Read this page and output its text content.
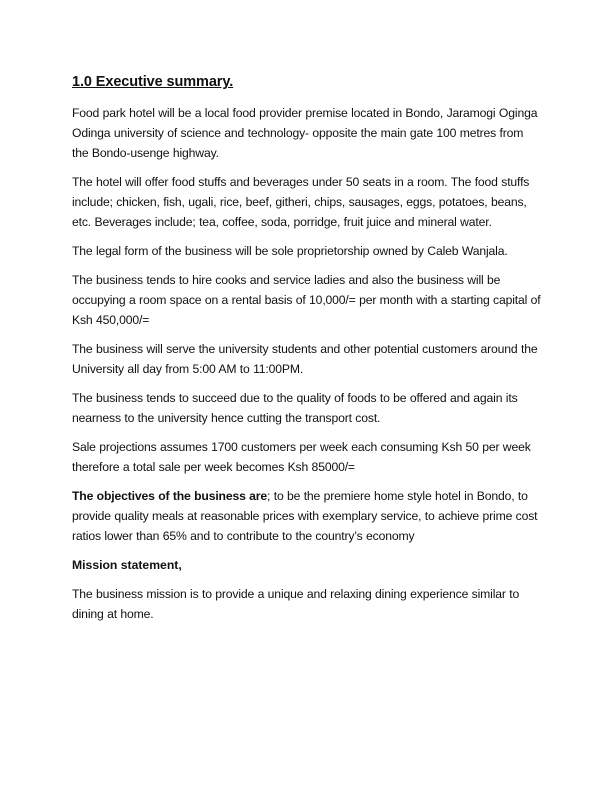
1.0 Executive summary.

Food park hotel will be a local food provider premise located in Bondo, Jaramogi Oginga Odinga university of science and technology- opposite the main gate 100 metres from the Bondo-usenge highway.

The hotel will offer food stuffs and beverages under 50 seats in a room. The food stuffs include; chicken, fish, ugali, rice, beef, githeri, chips, sausages, eggs, potatoes, beans, etc. Beverages include; tea, coffee, soda, porridge, fruit juice and mineral water.

The legal form of the business will be sole proprietorship owned by Caleb Wanjala.

The business tends to hire cooks and service ladies and also the business will be occupying a room space on a rental basis of 10,000/= per month with a starting capital of Ksh 450,000/=

The business will serve the university students and other potential customers around the University all day from 5:00 AM to 11:00PM.

The business tends to succeed due to the quality of foods to be offered and again its nearness to the university hence cutting the transport cost.

Sale projections assumes 1700 customers per week each consuming Ksh 50 per week therefore a total sale per week becomes Ksh 85000/=

The objectives of the business are; to be the premiere home style hotel in Bondo, to provide quality meals at reasonable prices with exemplary service, to achieve prime cost ratios lower than 65% and to contribute to the country’s economy

Mission statement,

The business mission is to provide a unique and relaxing dining experience similar to dining at home.
